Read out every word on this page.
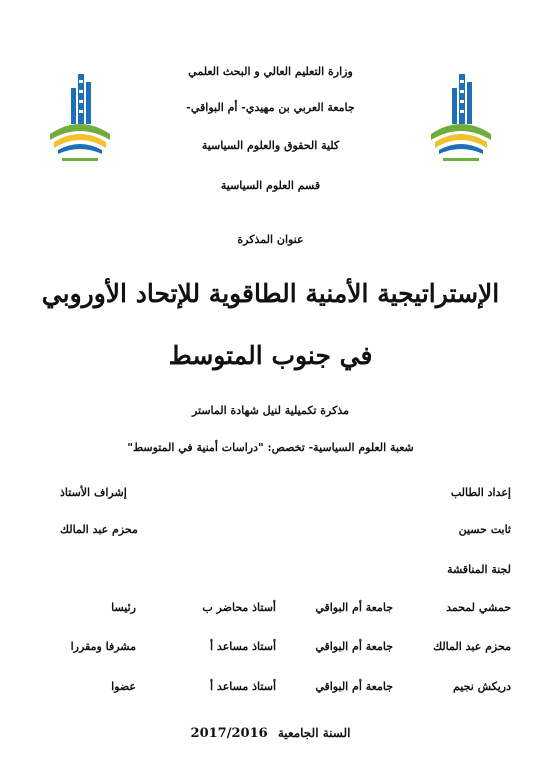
وزارة التعليم العالي و البحث العلمي
جامعة العربي بن مهيدي- أم البواقي-
كلية الحقوق والعلوم السياسية
قسم العلوم السياسية
عنوان المذكرة
الإستراتيجية الأمنية الطاقوية للإتحاد الأوروبي
في جنوب المتوسط
مذكرة تكميلية لنيل شهادة الماستر
شعبة العلوم السياسية- تخصص: "دراسات أمنية في المتوسط"
إعداد الطالب
إشراف الأستاذ
ثابت حسين
محزم عبد المالك
لجنة المناقشة
حمشي لمحمد
جامعة أم البواقي
أستاذ محاضر ب
رئيسا
محزم عبد المالك
جامعة أم البواقي
أستاذ مساعد أ
مشرفا ومقررا
دريكش نجيم
جامعة أم البواقي
أستاذ مساعد أ
عضوا
السنة الجامعية 2017/2016
